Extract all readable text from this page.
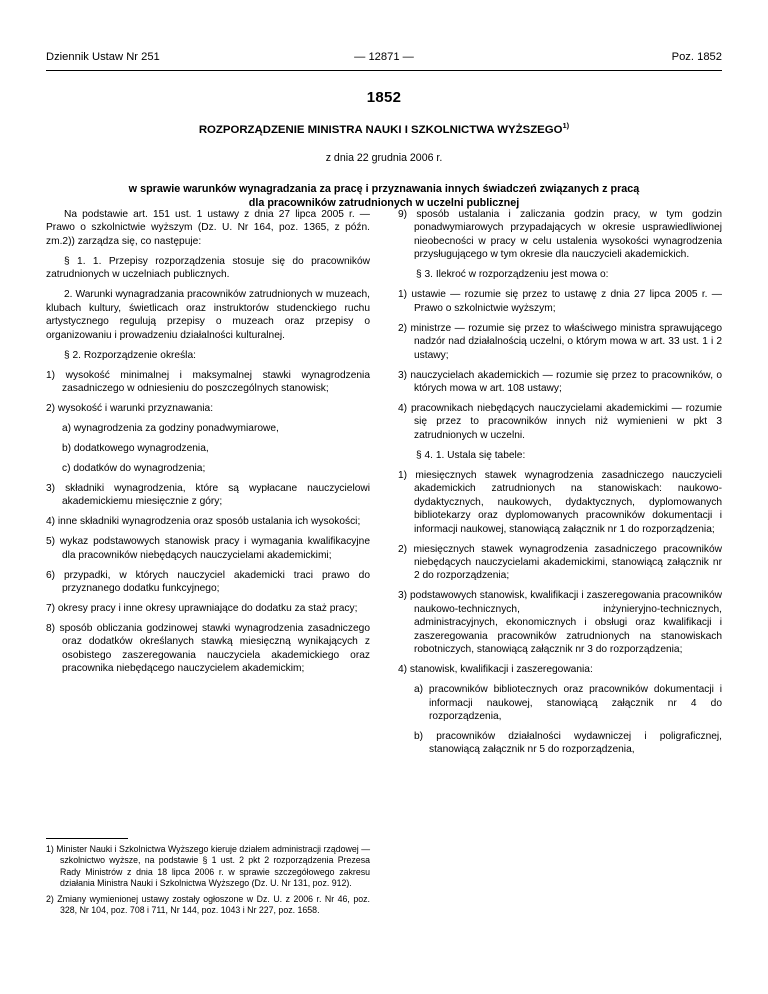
Dziennik Ustaw Nr 251	— 12871 —	Poz. 1852
1852
ROZPORZĄDZENIE MINISTRA NAUKI I SZKOLNICTWA WYŻSZEGO$^{1)}$
z dnia 22 grudnia 2006 r.
w sprawie warunków wynagradzania za pracę i przyznawania innych świadczeń związanych z pracą
dla pracowników zatrudnionych w uczelni publicznej

Na podstawie art. 151 ust. 1 ustawy z dnia 27 lipca 2005 r. — Prawo o szkolnictwie wyższym (Dz. U. Nr 164, poz. 1365, z późn. zm.2)) zarządza się, co następuje:

§ 1. 1. Przepisy rozporządzenia stosuje się do pracowników zatrudnionych w uczelniach publicznych.

2. Warunki wynagradzania pracowników zatrudnionych w muzeach, klubach kultury, świetlicach oraz instruktorów studenckiego ruchu artystycznego regulują przepisy o muzeach oraz przepisy o organizowaniu i prowadzeniu działalności kulturalnej.

§ 2. Rozporządzenie określa:

1) wysokość minimalnej i maksymalnej stawki wynagrodzenia zasadniczego w odniesieniu do poszczególnych stanowisk;

2) wysokość i warunki przyznawania:

a) wynagrodzenia za godziny ponadwymiarowe,

b) dodatkowego wynagrodzenia,

c) dodatków do wynagrodzenia;

3) składniki wynagrodzenia, które są wypłacane nauczycielowi akademickiemu miesięcznie z góry;

4) inne składniki wynagrodzenia oraz sposób ustalania ich wysokości;

5) wykaz podstawowych stanowisk pracy i wymagania kwalifikacyjne dla pracowników niebędących nauczycielami akademickimi;

6) przypadki, w których nauczyciel akademicki traci prawo do przyznanego dodatku funkcyjnego;

7) okresy pracy i inne okresy uprawniające do dodatku za staż pracy;

8) sposób obliczania godzinowej stawki wynagrodzenia zasadniczego oraz dodatków określanych stawką miesięczną wynikających z osobistego zaszeregowania nauczyciela akademickiego oraz pracownika niebędącego nauczycielem akademickim;

9) sposób ustalania i zaliczania godzin pracy, w tym godzin ponadwymiarowych przypadających w okresie usprawiedliwionej nieobecności w pracy w celu ustalenia wysokości wynagrodzenia przysługującego w tym okresie dla nauczycieli akademickich.

§ 3. Ilekroć w rozporządzeniu jest mowa o:

1) ustawie — rozumie się przez to ustawę z dnia 27 lipca 2005 r. — Prawo o szkolnictwie wyższym;

2) ministrze — rozumie się przez to właściwego ministra sprawującego nadzór nad działalnością uczelni, o którym mowa w art. 33 ust. 1 i 2 ustawy;

3) nauczycielach akademickich — rozumie się przez to pracowników, o których mowa w art. 108 ustawy;

4) pracownikach niebędących nauczycielami akademickimi — rozumie się przez to pracowników innych niż wymienieni w pkt 3 zatrudnionych w uczelni.

§ 4. 1. Ustala się tabele:

1) miesięcznych stawek wynagrodzenia zasadniczego nauczycieli akademickich zatrudnionych na stanowiskach: naukowo-dydaktycznych, naukowych, dydaktycznych, dyplomowanych bibliotekarzy oraz dyplomowanych pracowników dokumentacji i informacji naukowej, stanowiącą załącznik nr 1 do rozporządzenia;

2) miesięcznych stawek wynagrodzenia zasadniczego pracowników niebędących nauczycielami akademickimi, stanowiącą załącznik nr 2 do rozporządzenia;

3) podstawowych stanowisk, kwalifikacji i zaszeregowania pracowników naukowo-technicznych, inżynieryjno-technicznych, administracyjnych, ekonomicznych i obsługi oraz kwalifikacji i zaszeregowania pracowników zatrudnionych na stanowiskach robotniczych, stanowiącą załącznik nr 3 do rozporządzenia;

4) stanowisk, kwalifikacji i zaszeregowania:

a) pracowników bibliotecznych oraz pracowników dokumentacji i informacji naukowej, stanowiącą załącznik nr 4 do rozporządzenia,

b) pracowników działalności wydawniczej i poligraficznej, stanowiącą załącznik nr 5 do rozporządzenia,

1) Minister Nauki i Szkolnictwa Wyższego kieruje działem administracji rządowej — szkolnictwo wyższe, na podstawie § 1 ust. 2 pkt 2 rozporządzenia Prezesa Rady Ministrów z dnia 18 lipca 2006 r. w sprawie szczegółowego zakresu działania Ministra Nauki i Szkolnictwa Wyższego (Dz. U. Nr 131, poz. 912).

2) Zmiany wymienionej ustawy zostały ogłoszone w Dz. U. z 2006 r. Nr 46, poz. 328, Nr 104, poz. 708 i 711, Nr 144, poz. 1043 i Nr 227, poz. 1658.
